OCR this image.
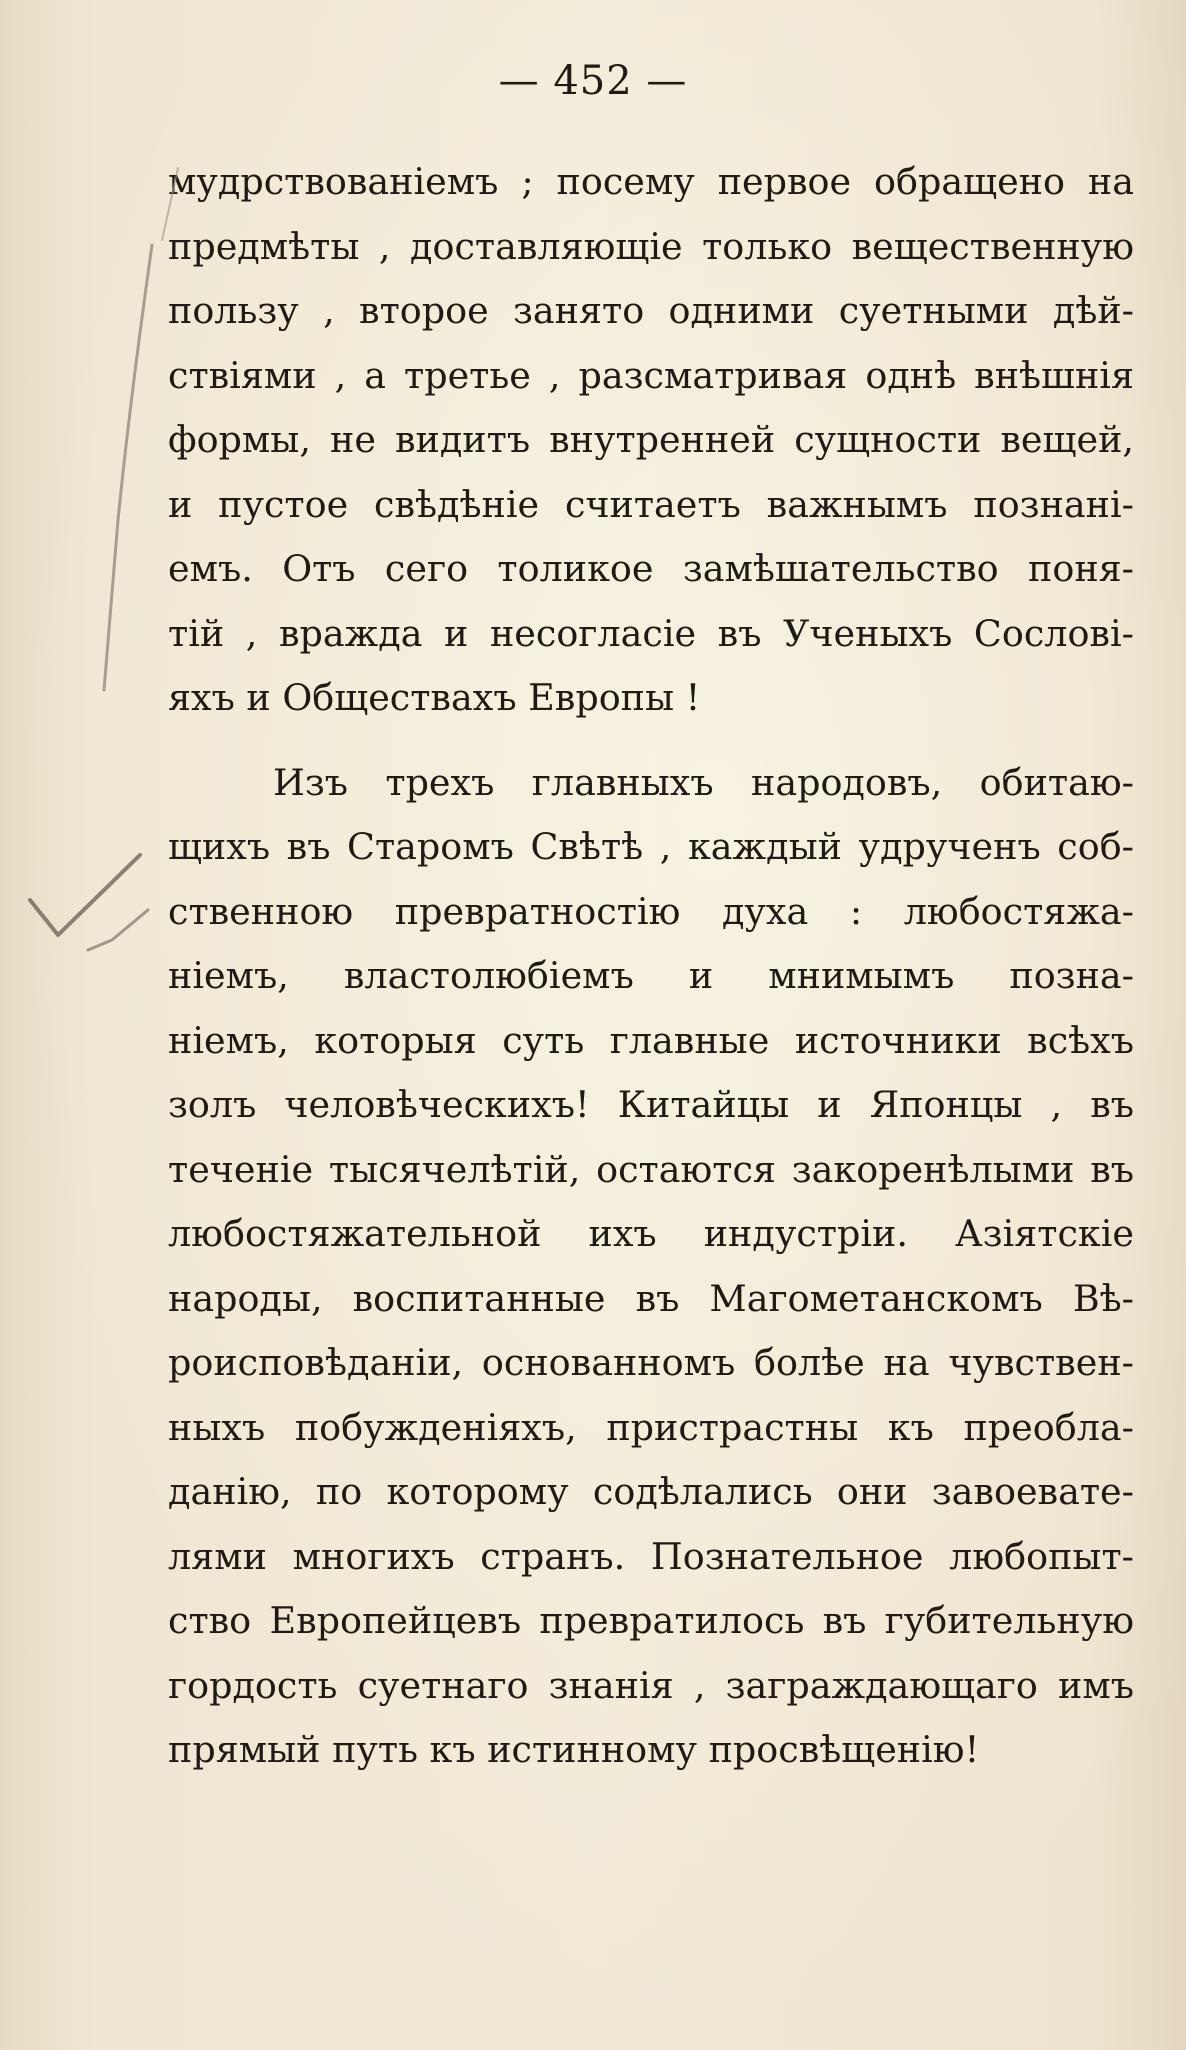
— 452 —
мудрствованіемъ ; посему первое обращено на
предмѣты , доставляющіе только вещественную
пользу , второе занято одними суетными дѣй-
ствіями , а третье , разсматривая однѣ внѣшнія
формы, не видитъ внутренней сущности вещей,
и пустое свѣдѣніе считаетъ важнымъ познані-
емъ. Отъ сего толикое замѣшательство поня-
тій , вражда и несогласіе въ Ученыхъ Сослові-
яхъ и Обществахъ Европы !
Изъ трехъ главныхъ народовъ, обитаю-
щихъ въ Старомъ Свѣтѣ , каждый удрученъ соб-
ственною превратностію духа : любостяжа-
ніемъ, властолюбіемъ и мнимымъ позна-
ніемъ, которыя суть главные источники всѣхъ
золъ человѣческихъ! Китайцы и Японцы , въ
теченіе тысячелѣтій, остаются закоренѣлыми въ
любостяжательной ихъ индустріи. Азіятскіе
народы, воспитанные въ Магометанскомъ Вѣ-
роисповѣданіи, основанномъ болѣе на чувствен-
ныхъ побужденіяхъ, пристрастны къ преобла-
данію, по которому содѣлались они завоевате-
лями многихъ странъ. Познательное любопыт-
ство Европейцевъ превратилось въ губительную
гордость суетнаго знанія , заграждающаго имъ
прямый путь къ истинному просвѣщенію!
